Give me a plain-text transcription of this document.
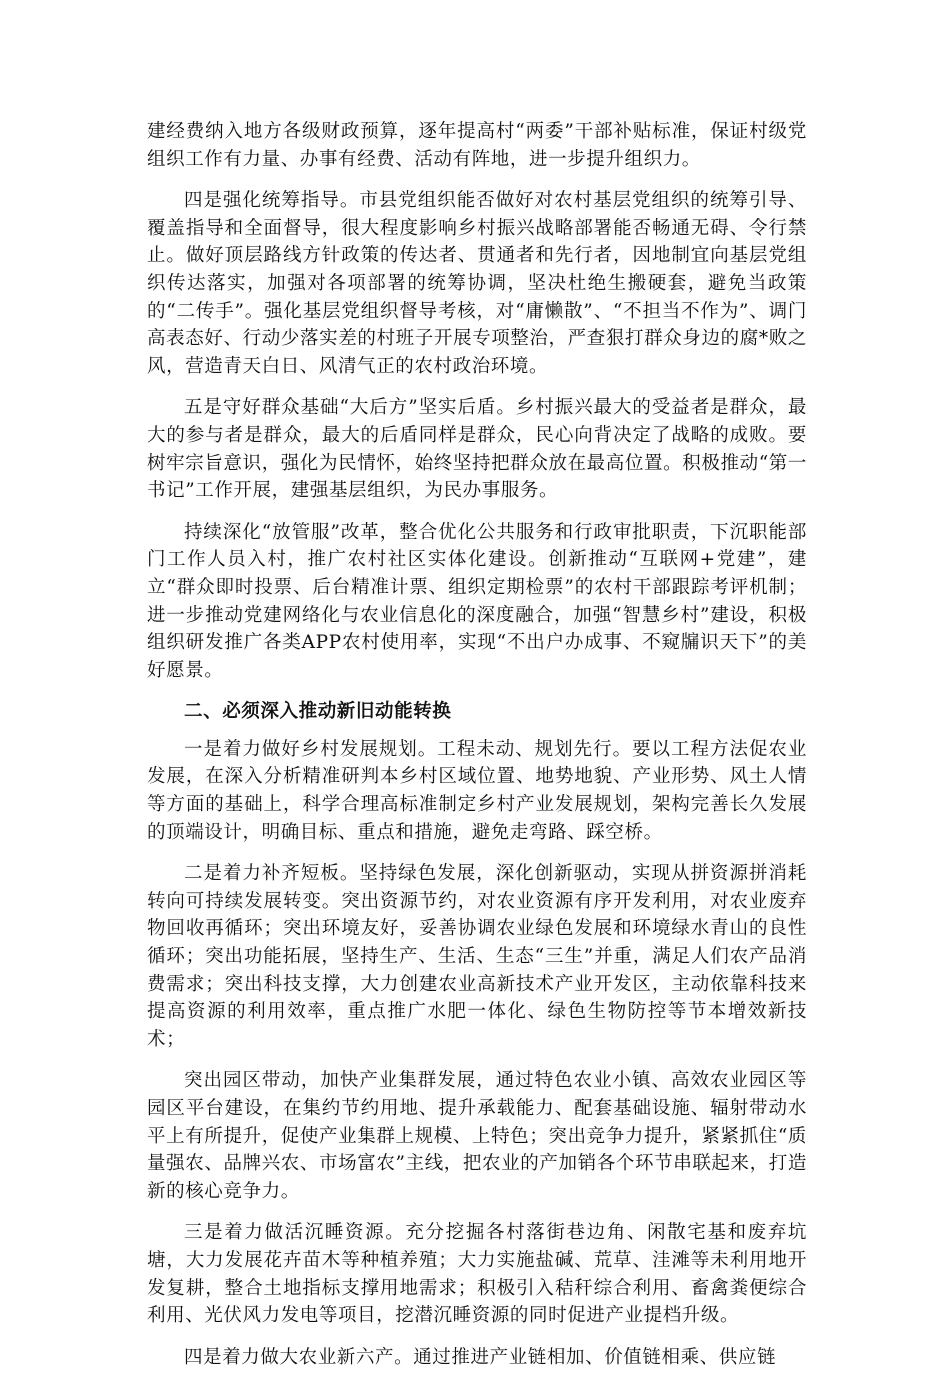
建经费纳入地方各级财政预算，逐年提高村“两委”干部补贴标准，保证村级党组织工作有力量、办事有经费、活动有阵地，进一步提升组织力。

四是强化统筹指导。市县党组织能否做好对农村基层党组织的统筹引导、覆盖指导和全面督导，很大程度影响乡村振兴战略部署能否畅通无碍、令行禁止。做好顶层路线方针政策的传达者、贯通者和先行者，因地制宜向基层党组织传达落实，加强对各项部署的统筹协调，坚决杜绝生搬硬套，避免当政策的“二传手”。强化基层党组织督导考核，对“庸懒散”、“不担当不作为”、调门高表态好、行动少落实差的村班子开展专项整治，严查狠打群众身边的腐*败之风，营造青天白日、风清气正的农村政治环境。

五是守好群众基础“大后方”坚实后盾。乡村振兴最大的受益者是群众，最大的参与者是群众，最大的后盾同样是群众，民心向背决定了战略的成败。要树牢宗旨意识，强化为民情怀，始终坚持把群众放在最高位置。积极推动“第一书记”工作开展，建强基层组织，为民办事服务。

持续深化“放管服”改革，整合优化公共服务和行政审批职责，下沉职能部门工作人员入村，推广农村社区实体化建设。创新推动“互联网+党建”，建立“群众即时投票、后台精准计票、组织定期检票”的农村干部跟踪考评机制；进一步推动党建网络化与农业信息化的深度融合，加强“智慧乡村”建设，积极组织研发推广各类APP农村使用率，实现“不出户办成事、不窥牖识天下”的美好愿景。

二、必须深入推动新旧动能转换

一是着力做好乡村发展规划。工程未动、规划先行。要以工程方法促农业发展，在深入分析精准研判本乡村区域位置、地势地貌、产业形势、风土人情等方面的基础上，科学合理高标准制定乡村产业发展规划，架构完善长久发展的顶端设计，明确目标、重点和措施，避免走弯路、踩空桥。

二是着力补齐短板。坚持绿色发展，深化创新驱动，实现从拼资源拼消耗转向可持续发展转变。突出资源节约，对农业资源有序开发利用，对农业废弃物回收再循环；突出环境友好，妥善协调农业绿色发展和环境绿水青山的良性循环；突出功能拓展，坚持生产、生活、生态“三生”并重，满足人们农产品消费需求；突出科技支撑，大力创建农业高新技术产业开发区，主动依靠科技来提高资源的利用效率，重点推广水肥一体化、绿色生物防控等节本增效新技术；

突出园区带动，加快产业集群发展，通过特色农业小镇、高效农业园区等园区平台建设，在集约节约用地、提升承载能力、配套基础设施、辐射带动水平上有所提升，促使产业集群上规模、上特色；突出竞争力提升，紧紧抓住“质量强农、品牌兴农、市场富农”主线，把农业的产加销各个环节串联起来，打造新的核心竞争力。

三是着力做活沉睡资源。充分挖掘各村落街巷边角、闲散宅基和废弃坑塘，大力发展花卉苗木等种植养殖；大力实施盐碱、荒草、洼滩等未利用地开发复耕，整合土地指标支撑用地需求；积极引入秸秆综合利用、畜禽粪便综合利用、光伏风力发电等项目，挖潜沉睡资源的同时促进产业提档升级。

四是着力做大农业新六产。通过推进产业链相加、价值链相乘、供应链
